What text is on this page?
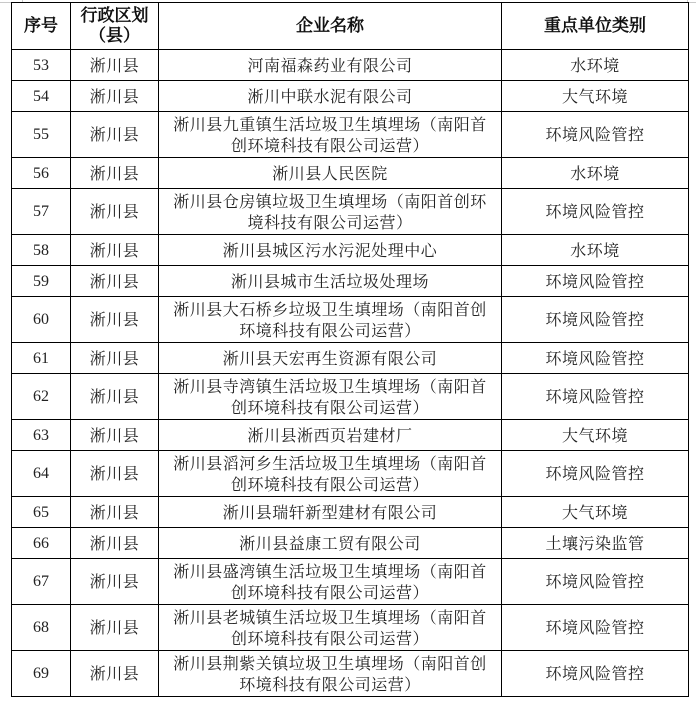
序号	行政区划
（县）	企业名称	重点单位类别
53	淅川县	河南福森药业有限公司	水环境
54	淅川县	淅川中联水泥有限公司	大气环境
55	淅川县	淅川县九重镇生活垃圾卫生填埋场（南阳首
创环境科技有限公司运营）	环境风险管控
56	淅川县	淅川县人民医院	水环境
57	淅川县	淅川县仓房镇垃圾卫生填埋场（南阳首创环
境科技有限公司运营）	环境风险管控
58	淅川县	淅川县城区污水污泥处理中心	水环境
59	淅川县	淅川县城市生活垃圾处理场	环境风险管控
60	淅川县	淅川县大石桥乡垃圾卫生填埋场（南阳首创
环境科技有限公司运营）	环境风险管控
61	淅川县	淅川县天宏再生资源有限公司	环境风险管控
62	淅川县	淅川县寺湾镇生活垃圾卫生填埋场（南阳首
创环境科技有限公司运营）	环境风险管控
63	淅川县	淅川县淅西页岩建材厂	大气环境
64	淅川县	淅川县滔河乡生活垃圾卫生填埋场（南阳首
创环境科技有限公司运营）	环境风险管控
65	淅川县	淅川县瑞轩新型建材有限公司	大气环境
66	淅川县	淅川县益康工贸有限公司	土壤污染监管
67	淅川县	淅川县盛湾镇生活垃圾卫生填埋场（南阳首
创环境科技有限公司运营）	环境风险管控
68	淅川县	淅川县老城镇生活垃圾卫生填埋场（南阳首
创环境科技有限公司运营）	环境风险管控
69	淅川县	淅川县荆紫关镇垃圾卫生填埋场（南阳首创
环境科技有限公司运营）	环境风险管控
